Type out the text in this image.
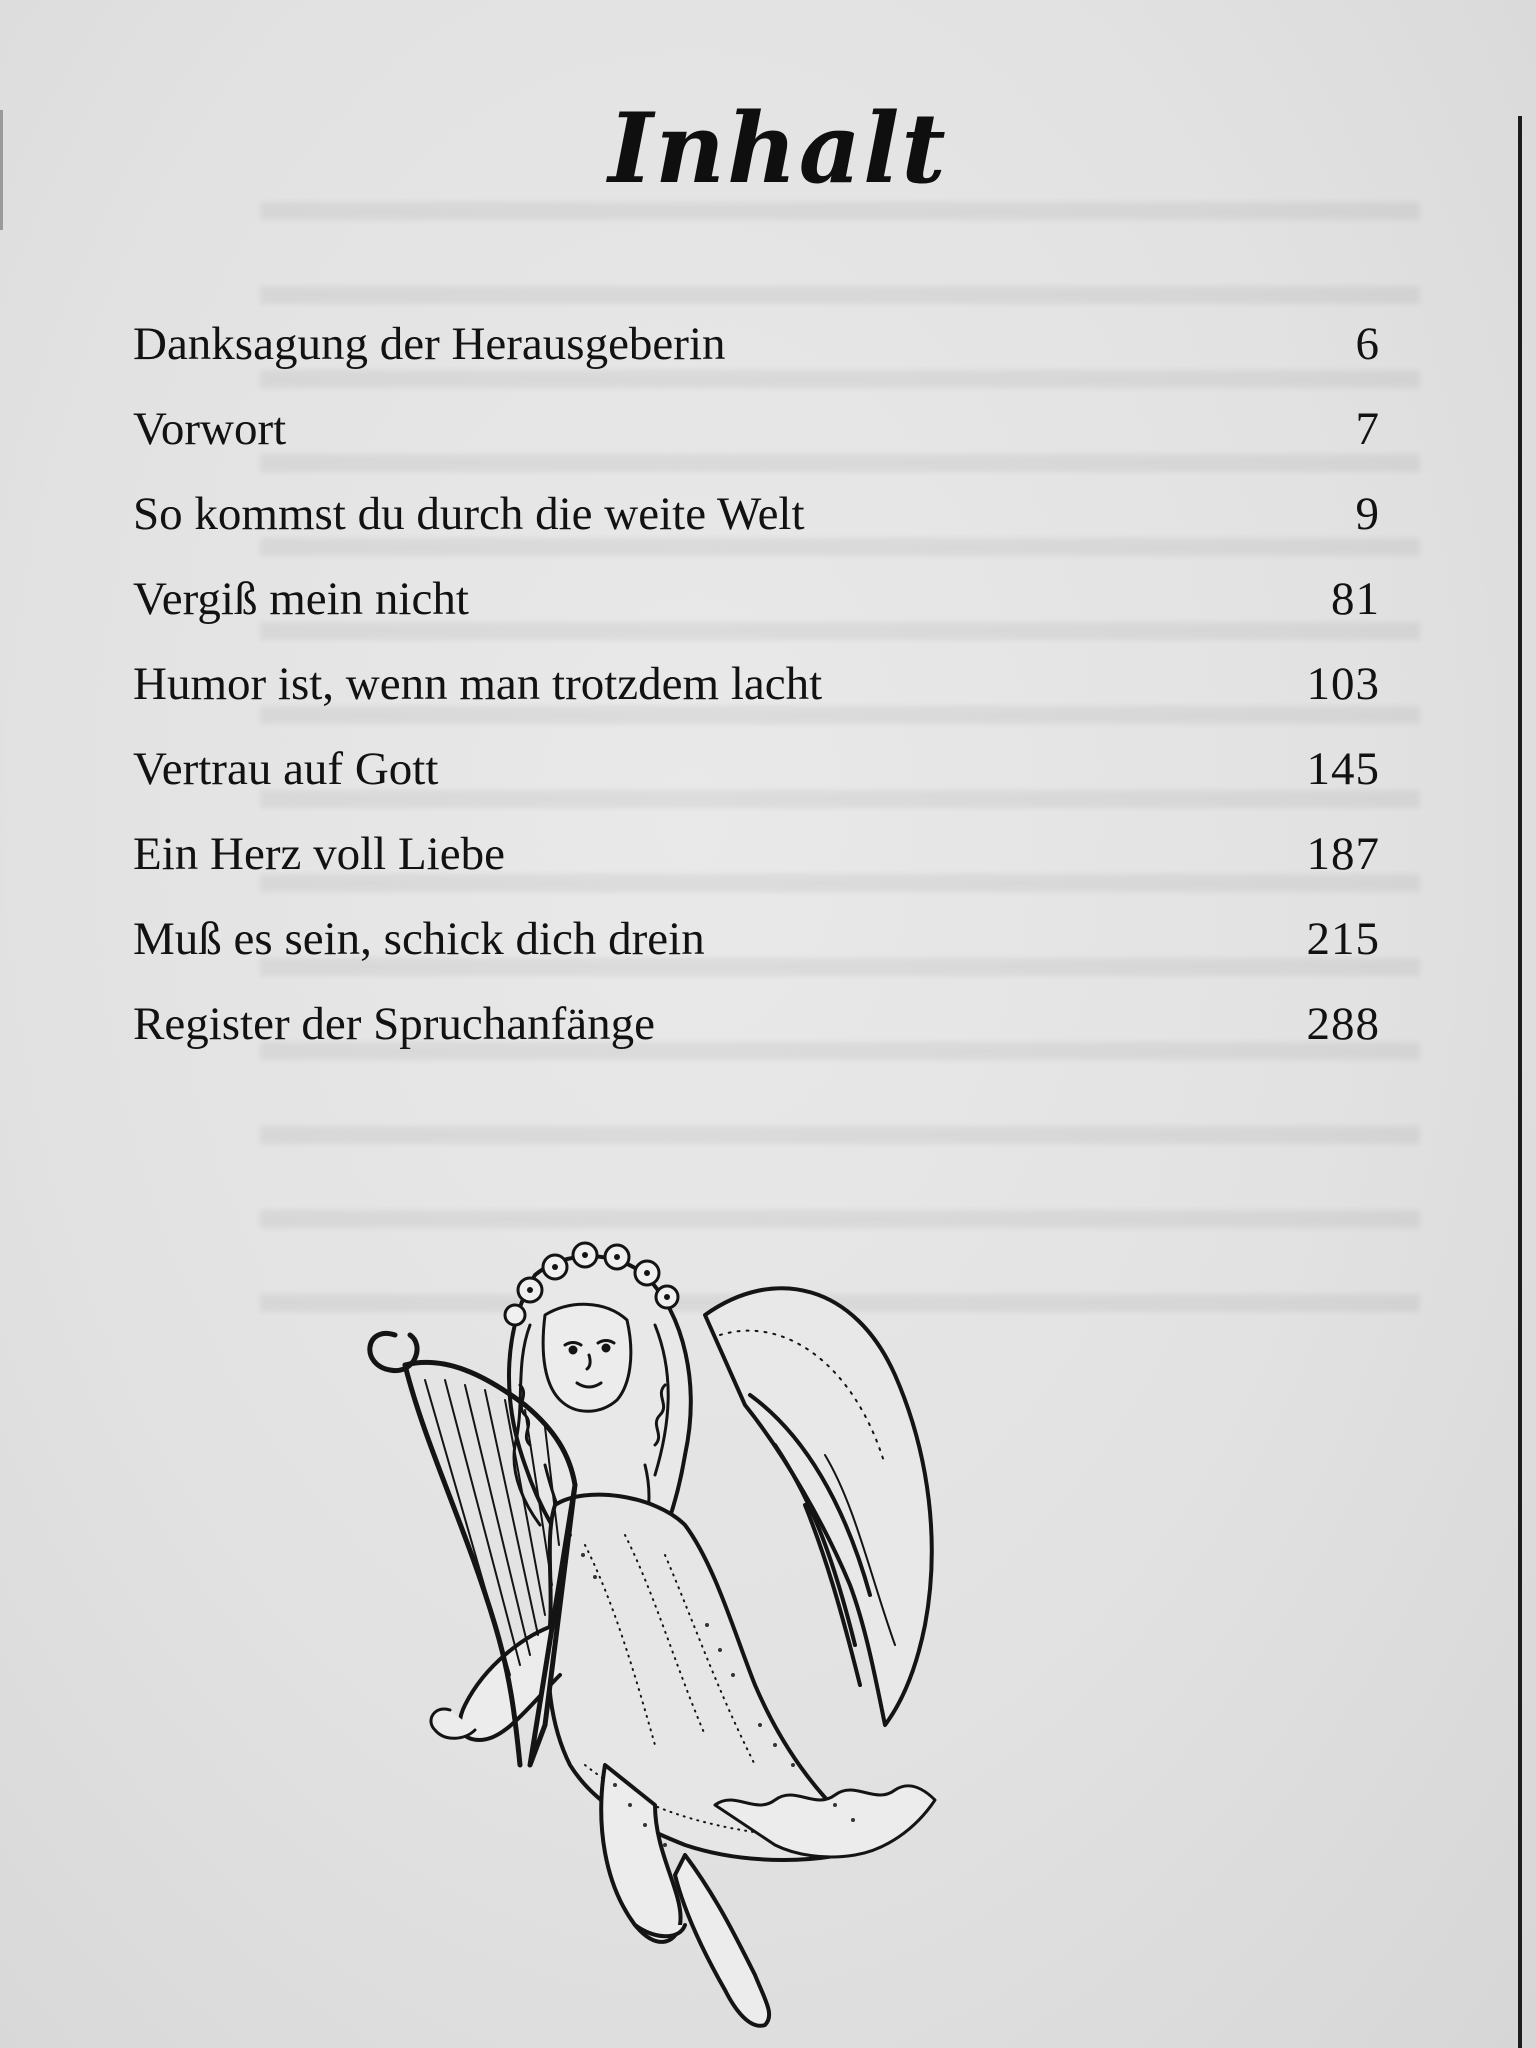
Inhalt
Danksagung der Herausgeberin	6
Vorwort	7
So kommst du durch die weite Welt	9
Vergiß mein nicht	81
Humor ist, wenn man trotzdem lacht	103
Vertrau auf Gott	145
Ein Herz voll Liebe	187
Muß es sein, schick dich drein	215
Register der Spruchanfänge	288
